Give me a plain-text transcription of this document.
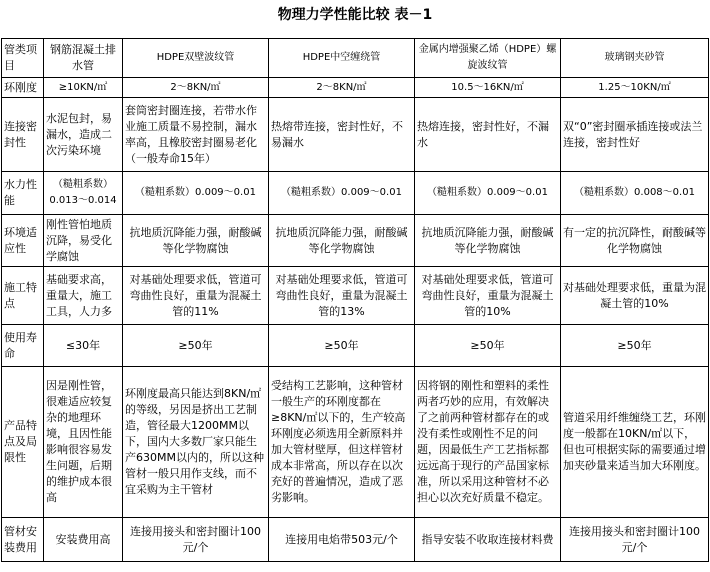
物理力学性能比较 表－1
管类项目	钢筋混凝土排水管	HDPE双壁波纹管	HDPE中空缠绕管	金属内增强聚乙烯（HDPE）螺旋波纹管	玻璃钢夹砂管
环刚度	≥10KN/㎡	2～8KN/㎡	2～8KN/㎡	10.5～16KN/㎡	1.25～10KN/㎡
连接密封性	水泥包封，易漏水，造成二次污染环境	套筒密封圈连接，若带水作业施工质量不易控制，漏水率高，且橡胶密封圈易老化（一般寿命15年）	热熔带连接，密封性好，不易漏水	热熔连接，密封性好，不漏水	双“0”密封圈承插连接或法兰连接，密封性好
水力性能	（糙粗系数）0.013～0.014	（糙粗系数）0.009～0.01	（糙粗系数）0.009～0.01	（糙粗系数）0.009～0.01	（糙粗系数）0.008～0.01
环境适应性	刚性管怕地质沉降，易受化学腐蚀	抗地质沉降能力强，耐酸碱等化学物腐蚀	抗地质沉降能力强，耐酸碱等化学物腐蚀	抗地质沉降能力强，耐酸碱等化学物腐蚀	有一定的抗沉降性，耐酸碱等化学物腐蚀
施工特点	基础要求高，重量大，施工工具，人力多	对基础处理要求低，管道可弯曲性良好，重量为混凝土管的11%	对基础处理要求低，管道可弯曲性良好，重量为混凝土管的13%	对基础处理要求低，管道可弯曲性良好，重量为混凝土管的10%	对基础处理要求低，重量为混凝土管的10%
使用寿命	≤30年	≥50年	≥50年	≥50年	≥50年
产品特点及局限性	因是刚性管，很难适应较复杂的地理环境，且因性能影响很容易发生问题，后期的维护成本很高	环刚度最高只能达到8KN/㎡的等级，另因是挤出工艺制造，管径最大1200MM以下，国内大多数厂家只能生产630MM以内的，所以这种管材一般只用作支线，而不宜采购为主干管材	受结构工艺影响，这种管材一般生产的环刚度都在≥8KN/㎡以下的，生产较高环刚度必须选用全新原料并加大管材壁厚，但这样管材成本非常高，所以存在以次充好的普遍情况，造成了恶劣影响。	因将钢的刚性和塑料的柔性两者巧妙的应用，有效解决了之前两种管材都存在的或没有柔性或刚性不足的问题，因最低生产工艺指标都远远高于现行的产品国家标准，所以采用这种管材不必担心以次充好质量不稳定。	管道采用纤维缠绕工艺，环刚度一般都在10KN/㎡以下，但也可根据实际的需要通过增加夹砂量来适当加大环刚度。
管材安装费用	安装费用高	连接用接头和密封圈计100元/个	连接用电焰带503元/个	指导安装不收取连接材料费	连接用接头和密封圈计100元/个
